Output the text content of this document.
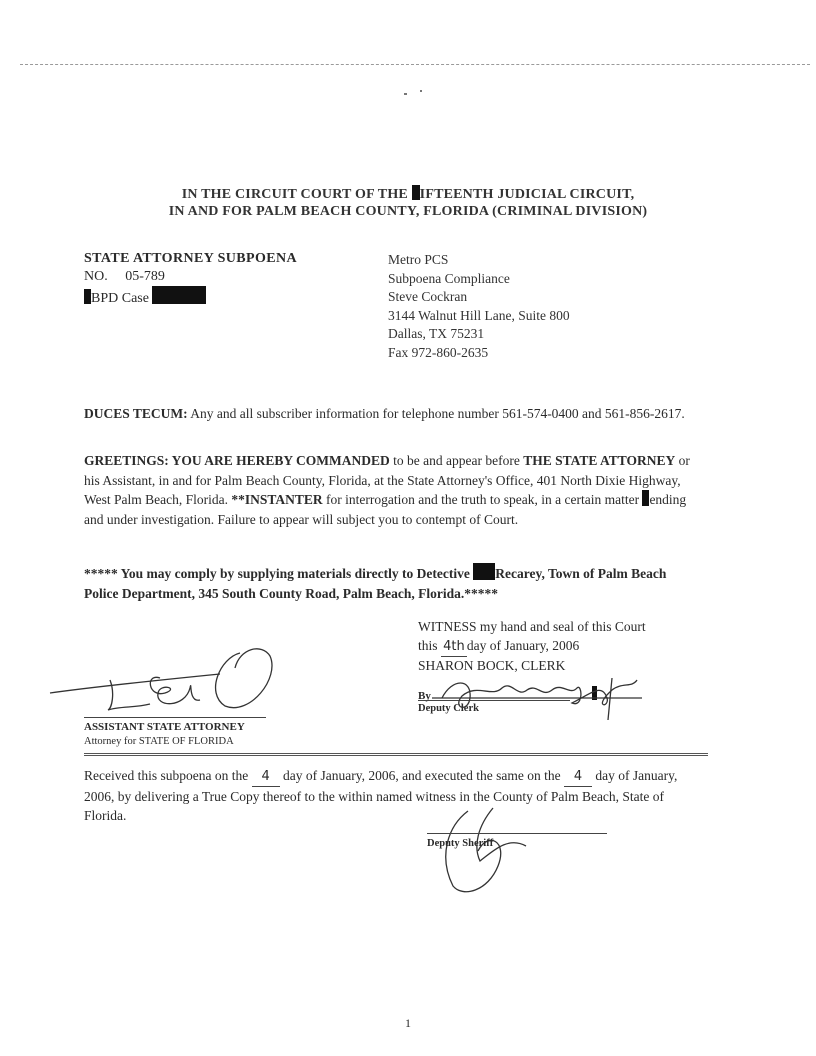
IN THE CIRCUIT COURT OF THE IFTEENTH JUDICIAL CIRCUIT,
IN AND FOR PALM BEACH COUNTY, FLORIDA (CRIMINAL DIVISION)
STATE ATTORNEY SUBPOENA
NO. 05-789
BPD Case
Metro PCS
Subpoena Compliance
Steve Cockran
3144 Walnut Hill Lane, Suite 800
Dallas, TX 75231
Fax 972-860-2635
DUCES TECUM: Any and all subscriber information for telephone number 561-574-0400 and 561-856-2617.
GREETINGS: YOU ARE HEREBY COMMANDED to be and appear before THE STATE ATTORNEY or his Assistant, in and for Palm Beach County, Florida, at the State Attorney's Office, 401 North Dixie Highway, West Palm Beach, Florida. **INSTANTER for interrogation and the truth to speak, in a certain matter ending and under investigation. Failure to appear will subject you to contempt of Court.
***** You may comply by supplying materials directly to Detective Recarey, Town of Palm Beach Police Department, 345 South County Road, Palm Beach, Florida.*****
WITNESS my hand and seal of this Court
this 4th day of January, 2006
SHARON BOCK, CLERK
By
Deputy Clerk
ASSISTANT STATE ATTORNEY
Attorney for STATE OF FLORIDA
Received this subpoena on the 4 day of January, 2006, and executed the same on the 4 day of January, 2006, by delivering a True Copy thereof to the within named witness in the County of Palm Beach, State of Florida.
Deputy Sheriff
1
